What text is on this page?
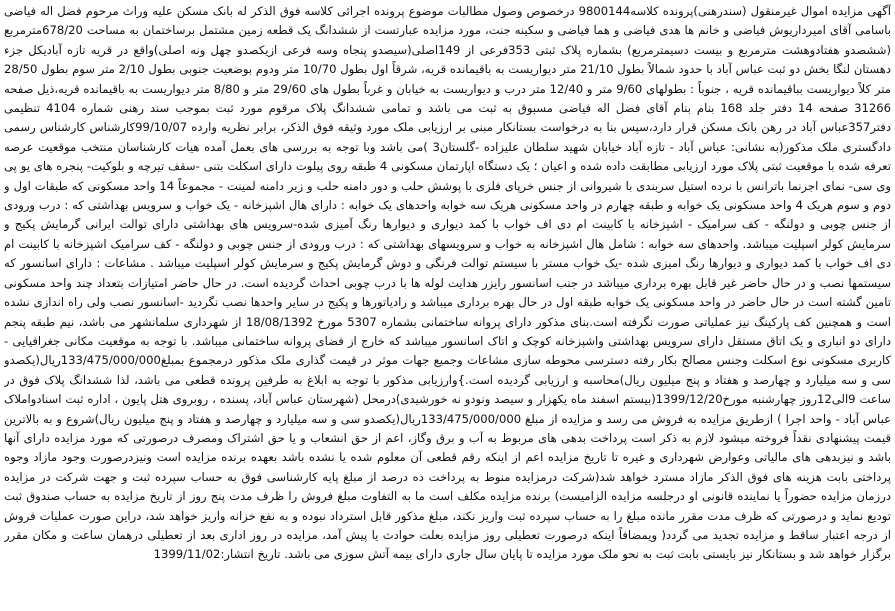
آگهی مزایده اموال غیرمنقول (سندرهنی)پرونده کلاسه9800144 درخصوص وصول مطالبات موضوع پرونده اجرائی کلاسه فوق الذکر له بانک مسکن علیه وراث مرحوم فضل اله فیاضی باسامی آقای امیرداریوش فیاضی و خانم ها هدی فیاضی و هما فیاضی و سکینه جنت، مورد مزایده عبارتست از ششدانگ یک قطعه زمین مشتمل برساختمان به مساحت 678/20مترمربع (ششصدو هفتادوهشت مترمربع و بیست دسیمترمربع) بشماره پلاک ثبتی 353فرعی از 149اصلی(سیصدو پنجاه وسه فرعی ازیکصدو چهل ونه اصلی)واقع در قریه تازه آبادیکل جزء دهستان لنگا بخش دو ثبت عباس آباد با حدود شمالاً بطول 21/10 متر دیواریست به باقیمانده قریه، شرقاً اول بطول 10/70 متر ودوم بوضعیت جنوبی بطول 2/10 متر سوم بطول 28/50 متر کلاً دیواریست بباقیمانده قریه ، جنوباً : بطولهای 9/60 متر و 12/40 متر درب و دیواریست به خیابان و غرباً بطول های 29/60 متر و 8/80 متر دیواریست به باقیمانده قریه،ذیل صفحه 31266 صفحه 14 دفتر جلد 168 بنام بنام آقای فضل اله فیاضی مسبوق به ثبت می باشد و تمامی ششدانگ پلاک مرقوم مورد ثبت بموجب سند رهنی شماره 4104 تنظیمی دفتر357عباس آباد در رهن بانک مسکن قرار دارد،سپس بنا به درخواست بستانکار مبنی بر ارزیابی ملک مورد وثیقه فوق الذکر، برابر نظریه وارده 99/10/07کارشناس کارشناس رسمی دادگستری ملک مذکور(به نشانی: عباس آباد - تازه آباد خیابان شهید سلطان علیزاده -گلستان3 )می باشد وبا توجه به بررسی های بعمل آمده هیات کارشناسان منتخب موقعیت عرصه تعرفه شده با موقعیت ثبتی پلاک مورد ارزیابی مطابقت داده شده و اعیان ؛ یک دستگاه اپارتمان مسکونی 4 طبقه روی پیلوت دارای اسکلت بتنی -سقف تیرچه و بلوکیت- پنجره های یو پی وی سی- نمای اجرنما باترانس با نرده استیل سربندی با شیروانی از جنس خرپای فلزی با پوشش حلب و دور دامنه حلب و زیر دامنه لمینت - مجموعاً 14 واحد مسکونی که طبقات اول و دوم و سوم هریک 4 واحد مسکونی یک خوابه و طبقه چهارم در واحد مسکونی هریک سه خوابه واحدهای یک خوابه : دارای هال اشپزخانه - یک خواب و سرویس بهداشتی که : درب ورودی از جنس چوبی و دولنگه - کف سرامیک - اشپزخانه با کابینت ام دی اف خواب با کمد دیواری و دیوارها رنگ آمیزی شده-سرویس های بهداشتی دارای توالت ایرانی گرمایش پکیج و سرمایش کولر اسپلیت میباشد. واحدهای سه خوابه : شامل هال اشپزخانه به خواب و سرویسهای بهداشتی که : درب ورودی از جنس چوبی و دولنگه - کف سرامیک اشپزخانه با کابینت ام دی اف خواب با کمد دیواری و دیوارها رنگ امیزی شده -یک خواب مستر با سیستم توالت فرنگی و دوش گرمایش پکیج و سرمایش کولر اسپلیت میباشد . مشاعات : دارای اسانسور که سیستمها نصب و در حال حاضر غیر قابل بهره برداری میباشد در جنب اسانسور رایزر هدایت لوله ها با درب چوبی احداث گردیده است. در حال حاضر امتیازات بتعداد چند واحد مسکونی تامین گشته است در حال حاضر در واحد مسکونی یک خوابه طبقه اول در حال بهره برداری میباشد و رادیاتورها و پکیج در سایر واحدها نصب نگردید -اسانسور نصب ولی راه اندازی نشده است و همچنین کف پارکینگ نیز عملیاتی صورت نگرفته است.بنای مذکور دارای پروانه ساختمانی بشماره 5307 مورخ 18/08/1392 از شهرداری سلمانشهر می باشد، نیم طبقه پنجم دارای دو انباری و یک اتاق مستقل دارای سرویس بهداشتی واشپزخانه کوچک و اتاک اسانسور میباشد که خارج از فضای پروانه ساختمانی میباشد. با توجه به موقعیت مکانی جغرافیایی - کاربری مسکونی نوع اسکلت وجنس مصالح بکار رفته دسترسی محوطه سازی مشاعات وجمیع جهات موثر در قیمت گذاری ملک مذکور درمجموع بمبلغ133/475/000/000ریال(یکصدو سی و سه میلیارد و چهارصد و هفتاد و پنج میلیون ریال)محاسبه و ارزیابی گردیده است.}وارزیابی مذکور با توجه به ابلاغ به طرفین پرونده قطعی می باشد، لذا ششدانگ پلاک فوق در ساعت 9الی12روز چهارشنبه مورخ1399/12/20(بیستم اسفند ماه یکهزار و سیصد ونودو نه خورشیدی)درمحل (شهرستان عباس آباد، پسنده ، روبروی هتل پایون ، اداره ثبت اسنادواملاک عباس آباد - واحد اجرا ) ازطریق مزایده به فروش می رسد و مزایده از مبلغ 133/475/000/000ریال(یکصدو سی و سه میلیارد و چهارصد و هفتاد و پنج میلیون ریال)شروع و به بالاترین قیمت پیشنهادی نقداً فروخته میشود لازم به ذکر است پرداخت بدهی های مربوط به آب و برق وگاز، اعم از حق انشعاب و یا حق اشتراک ومصرف درصورتی که مورد مزایده دارای آنها باشد و نیزبدهی های مالیاتی وعوارض شهرداری و غیره تا تاریخ مزایده اعم از اینکه رقم قطعی آن معلوم شده یا نشده باشد بعهده برنده مزایده است ونیزدرصورت وجود مازاد وجوه پرداختی بابت هزینه های فوق الذکر مازاد مسترد خواهد شد(شرکت درمزایده منوط به پرداخت ده درصد از مبلغ پایه کارشناسی فوق به حساب سپرده ثبت و جهت شرکت در مزایده درزمان مزایده حضوراً یا نماینده قانونی او درجلسه مزایده الزامیست) برنده مزایده مکلف است ما به التفاوت مبلغ فروش را ظرف مدت پنج روز از تاریخ مزایده به حساب صندوق ثبت تودیع نماید و درصورتی که ظرف مدت مقرر مانده مبلغ را به حساب سپرده ثبت واریز نکند، مبلغ مذکور قابل استرداد نبوده و به نفع خزانه واریز خواهد شد، دراین صورت عملیات فروش از درجه اعتبار ساقط و مزایده تجدید می گردد( ویمضافاً اینکه درصورت تعطیلی روز مزایده بعلت حوادث یا پیش آمد، مزایده در روز اداری بعد از تعطیلی درهمان ساعت و مکان مقرر برگزار خواهد شد و بستانکار نیز بایستی بابت ثبت به نحو ملک مورد مزایده تا پایان سال جاری دارای بیمه آتش سوزی می باشد. تاریخ انتشار:1399/11/02
